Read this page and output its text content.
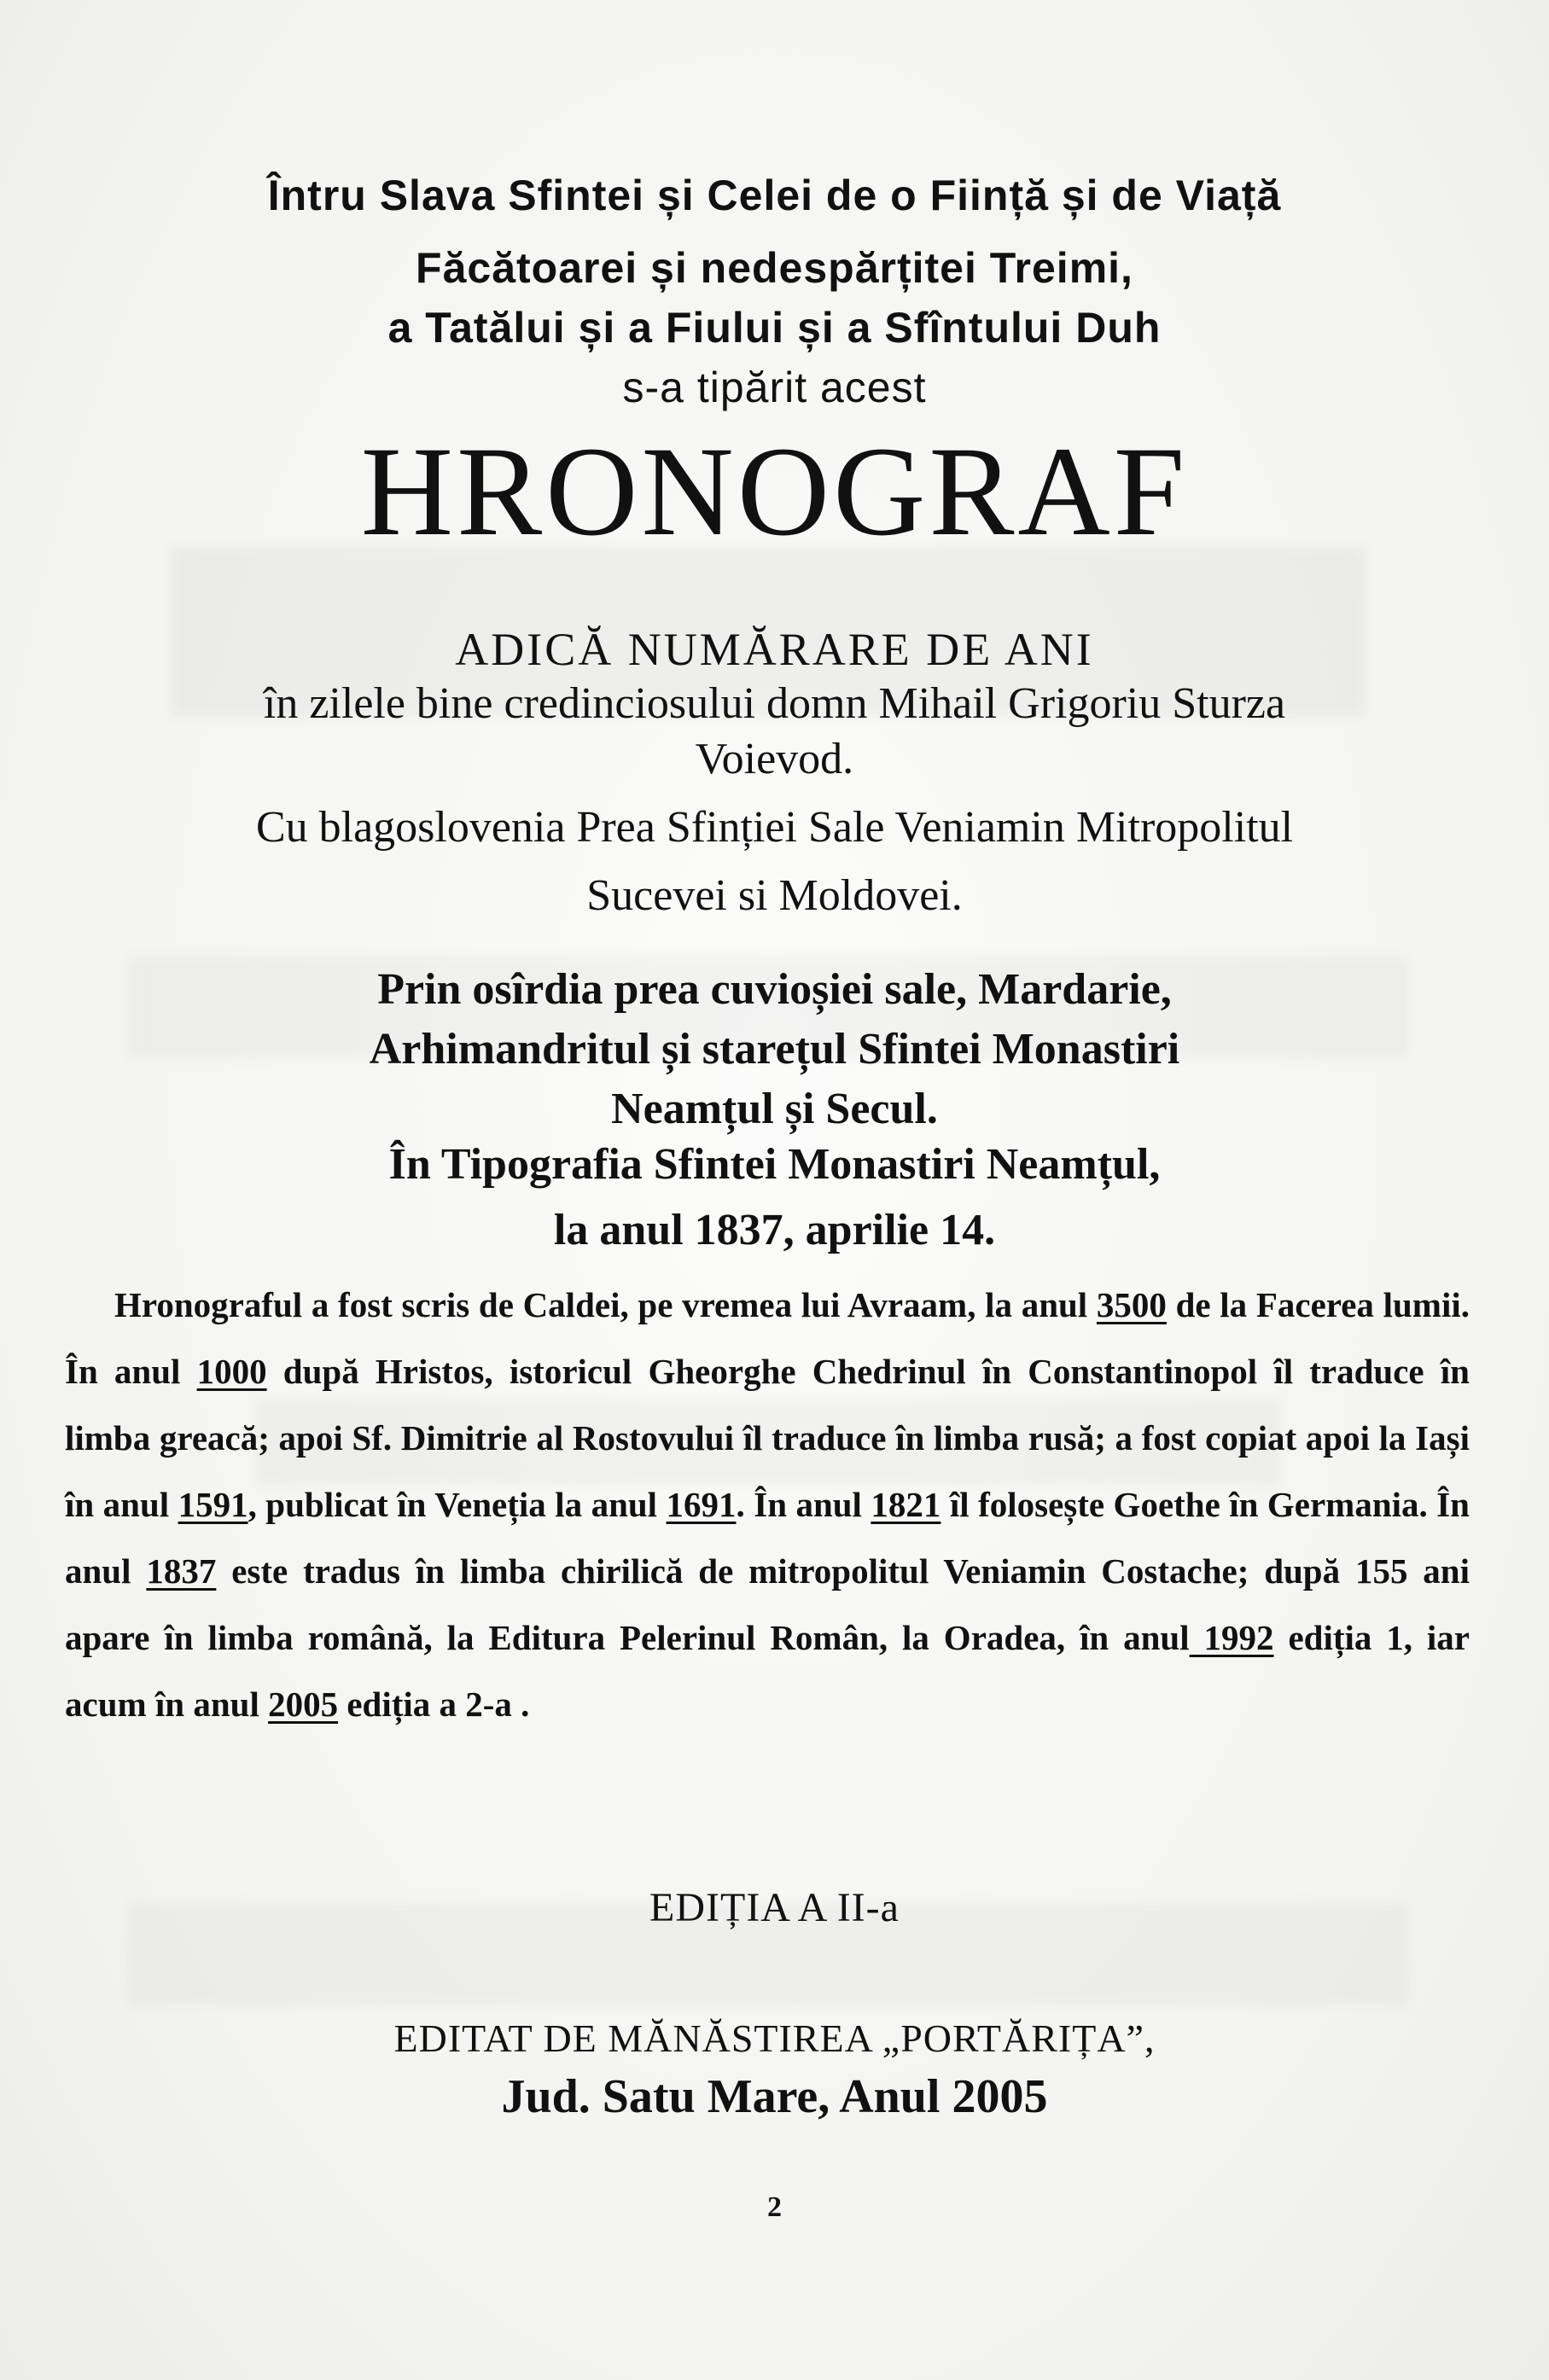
Întru Slava Sfintei și Celei de o Ființă și de Viață

Făcătoarei și nedespărțitei Treimi,

a Tatălui și a Fiului și a Sfîntului Duh

s-a tipărit acest

HRONOGRAF

ADICĂ NUMĂRARE DE ANI

în zilele bine credinciosului domn Mihail Grigoriu Sturza

Voievod.

Cu blagoslovenia Prea Sfinției Sale Veniamin Mitropolitul

Sucevei si Moldovei.

Prin osîrdia prea cuvioșiei sale, Mardarie,

Arhimandritul și starețul Sfintei Monastiri

Neamțul și Secul.

În Tipografia Sfintei Monastiri Neamțul,

la anul 1837, aprilie 14.

Hronograful a fost scris de Caldei, pe vremea lui Avraam, la anul 3500 de la Facerea lumii. În anul 1000 după Hristos, istoricul Gheorghe Chedrinul în Constantinopol îl traduce în limba greacă; apoi Sf. Dimitrie al Rostovului îl traduce în limba rusă; a fost copiat apoi la Iași în anul 1591, publicat în Veneția la anul 1691. În anul 1821 îl folosește Goethe în Germania. În anul 1837 este tradus în limba chirilică de mitropolitul Veniamin Costache; după 155 ani apare în limba română, la Editura Pelerinul Român, la Oradea, în anul 1992 ediția 1, iar acum în anul 2005 ediția a 2-a .

EDIȚIA A II-a

EDITAT DE MĂNĂSTIREA „PORTĂRIȚA”,

Jud. Satu Mare, Anul 2005

2
